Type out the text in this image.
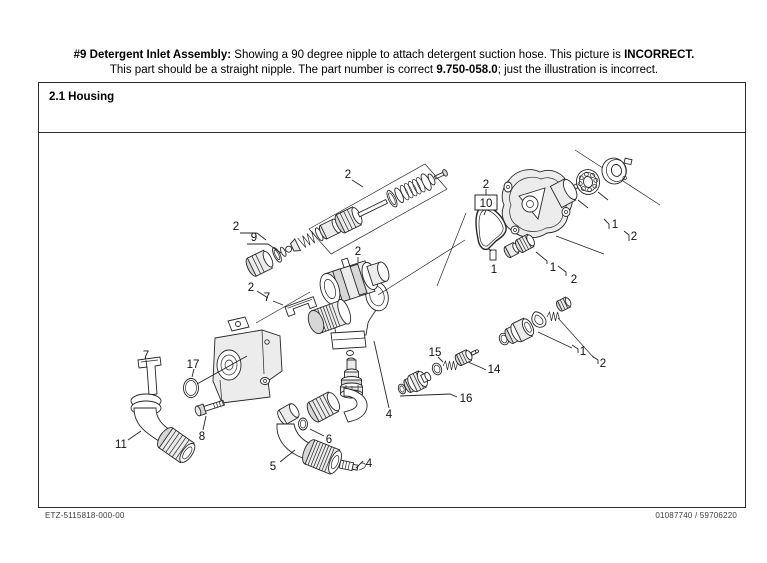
#9 Detergent Inlet Assembly: Showing a 90 degree nipple to attach detergent suction hose. This picture is INCORRECT.
This part should be a straight nipple. The part number is correct 9.750-058.0; just the illustration is incorrect.
2.1 Housing
2
2
9
2
2
7
2
10
1
1
2
1
2
1
2
15
14
16
17
7
8
11	6
5	4
4
ETZ-5115818-000-00	01087740 / 59706220
